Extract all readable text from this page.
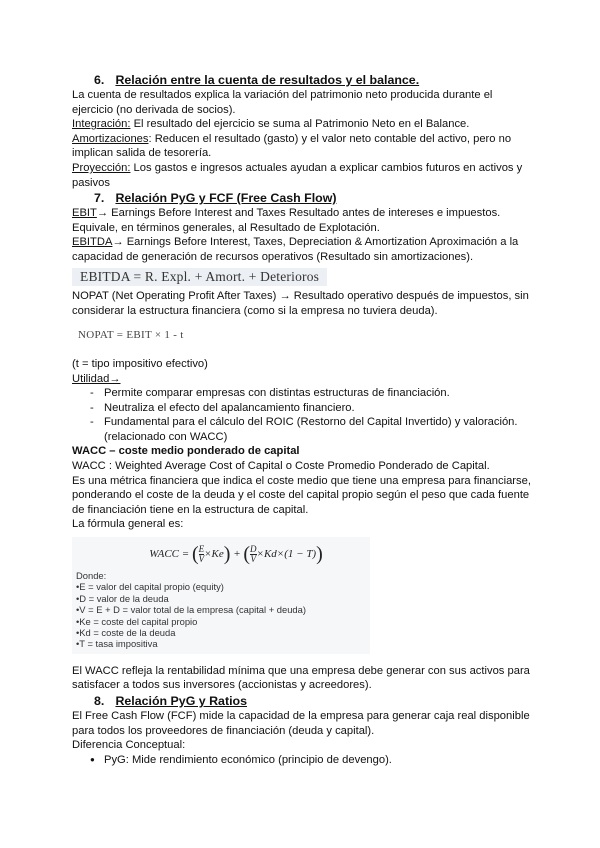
6. Relación entre la cuenta de resultados y el balance.

La cuenta de resultados explica la variación del patrimonio neto producida durante el ejercicio (no derivada de socios).

Integración: El resultado del ejercicio se suma al Patrimonio Neto en el Balance.

Amortizaciones: Reducen el resultado (gasto) y el valor neto contable del activo, pero no implican salida de tesorería.

Proyección: Los gastos e ingresos actuales ayudan a explicar cambios futuros en activos y pasivos

7. Relación PyG y FCF (Free Cash Flow)

EBIT→ Earnings Before Interest and Taxes Resultado antes de intereses e impuestos. Equivale, en términos generales, al Resultado de Explotación.

EBITDA→ Earnings Before Interest, Taxes, Depreciation & Amortization Aproximación a la capacidad de generación de recursos operativos (Resultado sin amortizaciones).

EBITDA = R. Expl. + Amort. + Deterioros

NOPAT (Net Operating Profit After Taxes) → Resultado operativo después de impuestos, sin considerar la estructura financiera (como si la empresa no tuviera deuda).

NOPAT = EBIT × 1 - t

(t = tipo impositivo efectivo)

Utilidad→

- Permite comparar empresas con distintas estructuras de financiación.
- Neutraliza el efecto del apalancamiento financiero.
- Fundamental para el cálculo del ROIC (Restorno del Capital Invertido) y valoración. (relacionado con WACC)

WACC – coste medio ponderado de capital

WACC : Weighted Average Cost of Capital o Coste Promedio Ponderado de Capital.

Es una métrica financiera que indica el coste medio que tiene una empresa para financiarse, ponderando el coste de la deuda y el coste del capital propio según el peso que cada fuente de financiación tiene en la estructura de capital.

La fórmula general es:

WACC = ( $\frac{E}{V} \times Ke$) + ( $\frac{D}{V} \times Kd\times(1 - T)$)
Donde:
•E = valor del capital propio (equity)
•D = valor de la deuda
•V = E + D = valor total de la empresa (capital + deuda)
•Ke = coste del capital propio
•Kd = coste de la deuda
•T = tasa impositiva

El WACC refleja la rentabilidad mínima que una empresa debe generar con sus activos para satisfacer a todos sus inversores (accionistas y acreedores).

8. Relación PyG y Ratios

El Free Cash Flow (FCF) mide la capacidad de la empresa para generar caja real disponible para todos los proveedores de financiación (deuda y capital).

Diferencia Conceptual:

● PyG: Mide rendimiento económico (principio de devengo).
